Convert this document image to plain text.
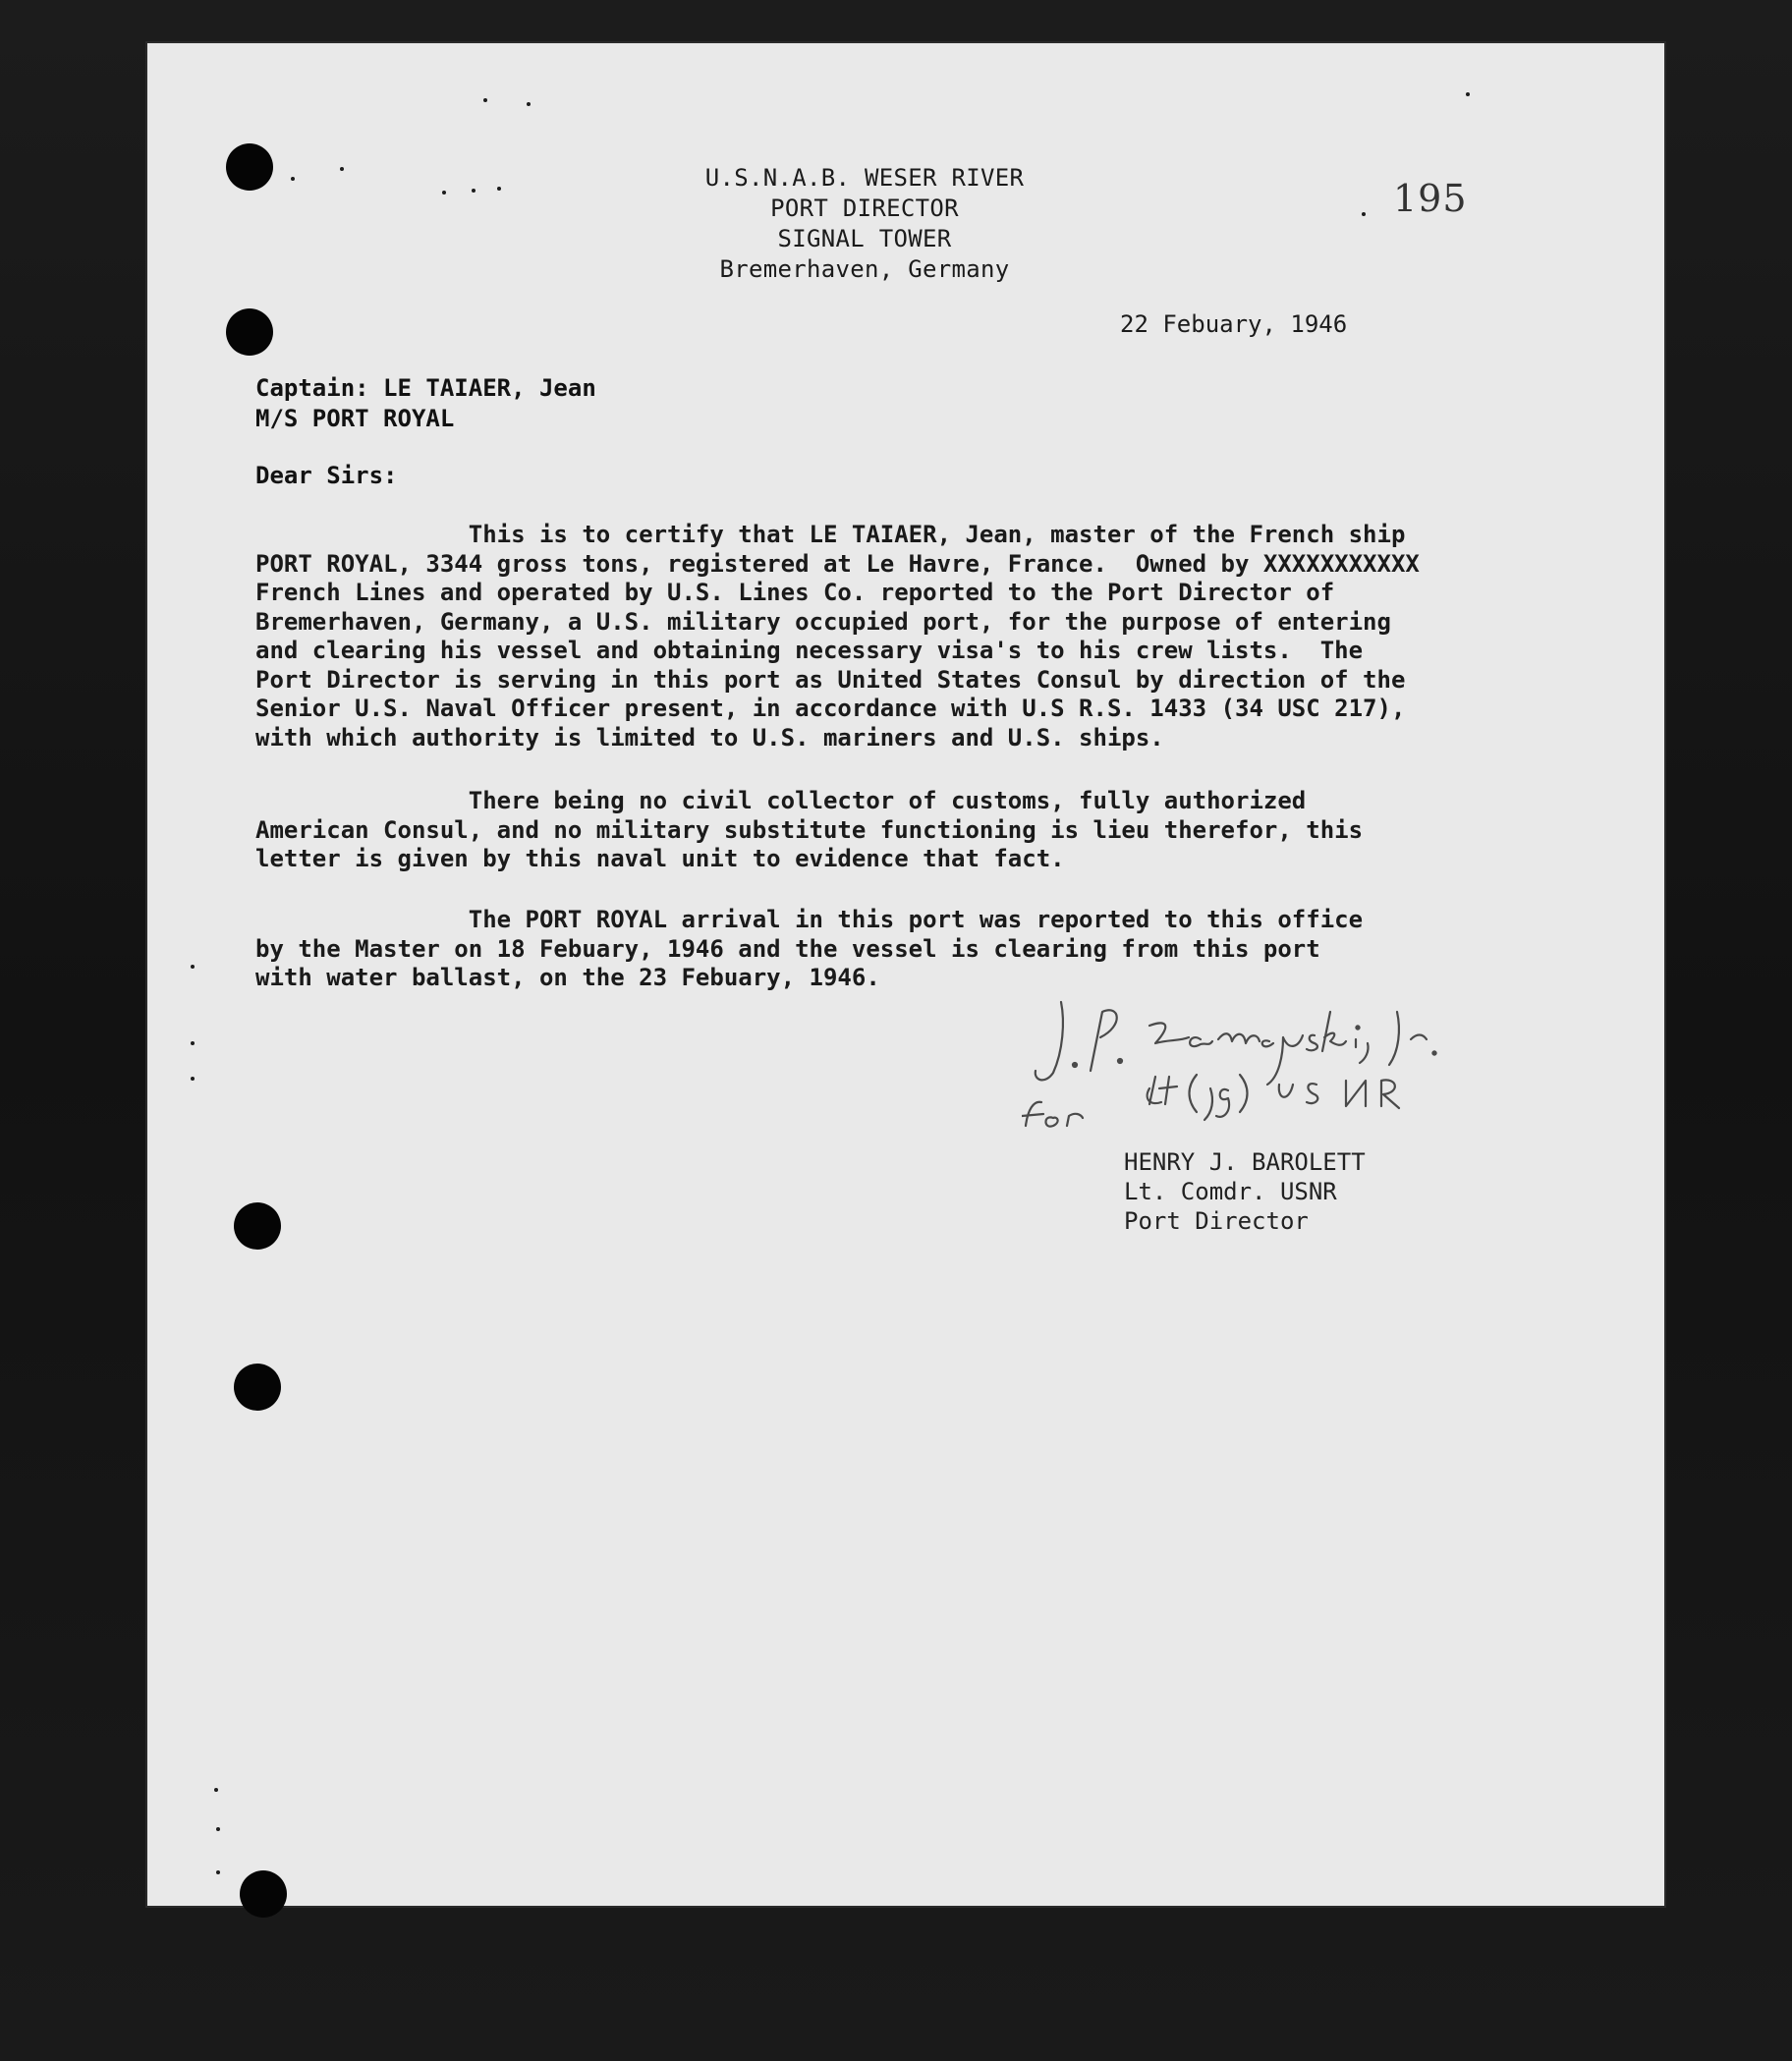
U.S.N.A.B. WESER RIVER
PORT DIRECTOR
SIGNAL TOWER
Bremerhaven, Germany
195
22 Febuary, 1946
Captain: LE TAIAER, Jean
M/S PORT ROYAL
Dear Sirs:
This is to certify that LE TAIAER, Jean, master of the French ship
PORT ROYAL, 3344 gross tons, registered at Le Havre, France.  Owned by XXXXXXXXXXX
French Lines and operated by U.S. Lines Co. reported to the Port Director of
Bremerhaven, Germany, a U.S. military occupied port, for the purpose of entering
and clearing his vessel and obtaining necessary visa's to his crew lists.  The
Port Director is serving in this port as United States Consul by direction of the
Senior U.S. Naval Officer present, in accordance with U.S R.S. 1433 (34 USC 217),
with which authority is limited to U.S. mariners and U.S. ships.
There being no civil collector of customs, fully authorized
American Consul, and no military substitute functioning is lieu therefor, this
letter is given by this naval unit to evidence that fact.
The PORT ROYAL arrival in this port was reported to this office
by the Master on 18 Febuary, 1946 and the vessel is clearing from this port
with water ballast, on the 23 Febuary, 1946.
HENRY J. BAROLETT
Lt. Comdr. USNR
Port Director
